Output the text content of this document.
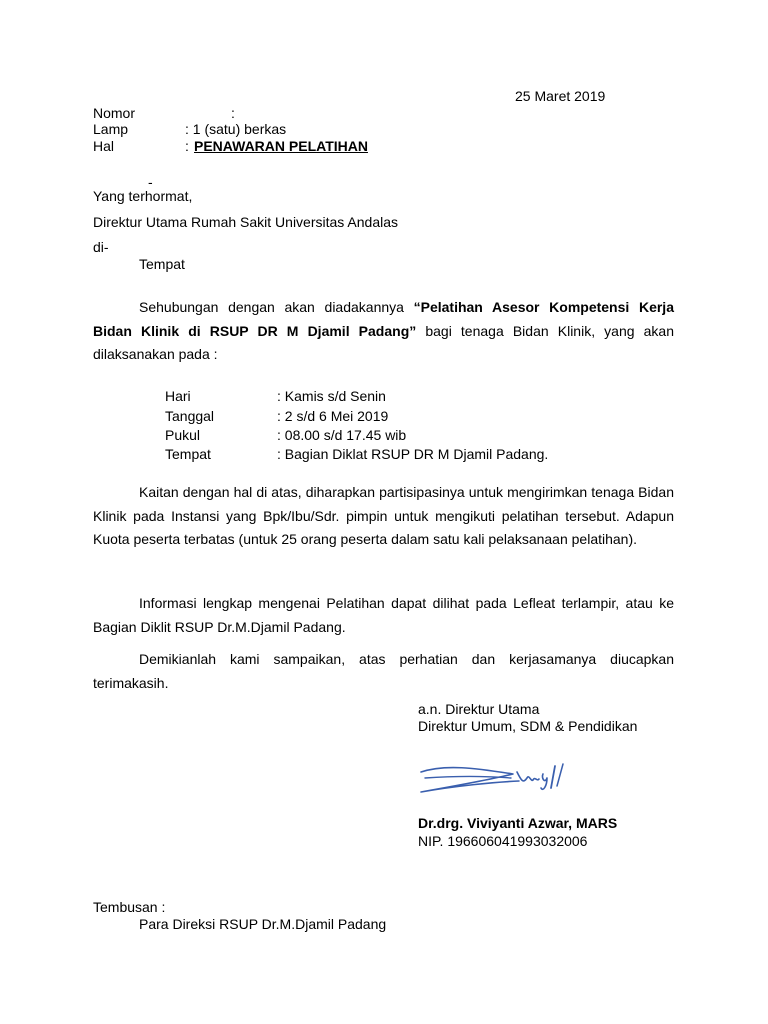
25 Maret 2019
Nomor	:
Lamp	: 1 (satu) berkas
Hal	: PENAWARAN PELATIHAN
-
Yang terhormat,
Direktur Utama Rumah Sakit Universitas Andalas
di-
Tempat
Sehubungan dengan akan diadakannya “Pelatihan Asesor Kompetensi Kerja Bidan Klinik di RSUP DR M Djamil Padang” bagi tenaga Bidan Klinik, yang akan dilaksanakan pada :
Hari	: Kamis s/d Senin
Tanggal	: 2 s/d 6 Mei 2019
Pukul	: 08.00 s/d 17.45 wib
Tempat	: Bagian Diklat RSUP DR M Djamil Padang.
Kaitan dengan hal di atas, diharapkan partisipasinya untuk mengirimkan tenaga Bidan Klinik pada Instansi yang Bpk/Ibu/Sdr. pimpin untuk mengikuti pelatihan tersebut. Adapun Kuota peserta terbatas (untuk 25 orang peserta dalam satu kali pelaksanaan pelatihan).
Informasi lengkap mengenai Pelatihan dapat dilihat pada Lefleat terlampir, atau ke Bagian Diklit RSUP Dr.M.Djamil Padang.
Demikianlah kami sampaikan, atas perhatian dan kerjasamanya diucapkan terimakasih.
a.n. Direktur Utama
Direktur Umum, SDM & Pendidikan
Dr.drg. Viviyanti Azwar, MARS
NIP. 196606041993032006
Tembusan :
Para Direksi RSUP Dr.M.Djamil Padang
